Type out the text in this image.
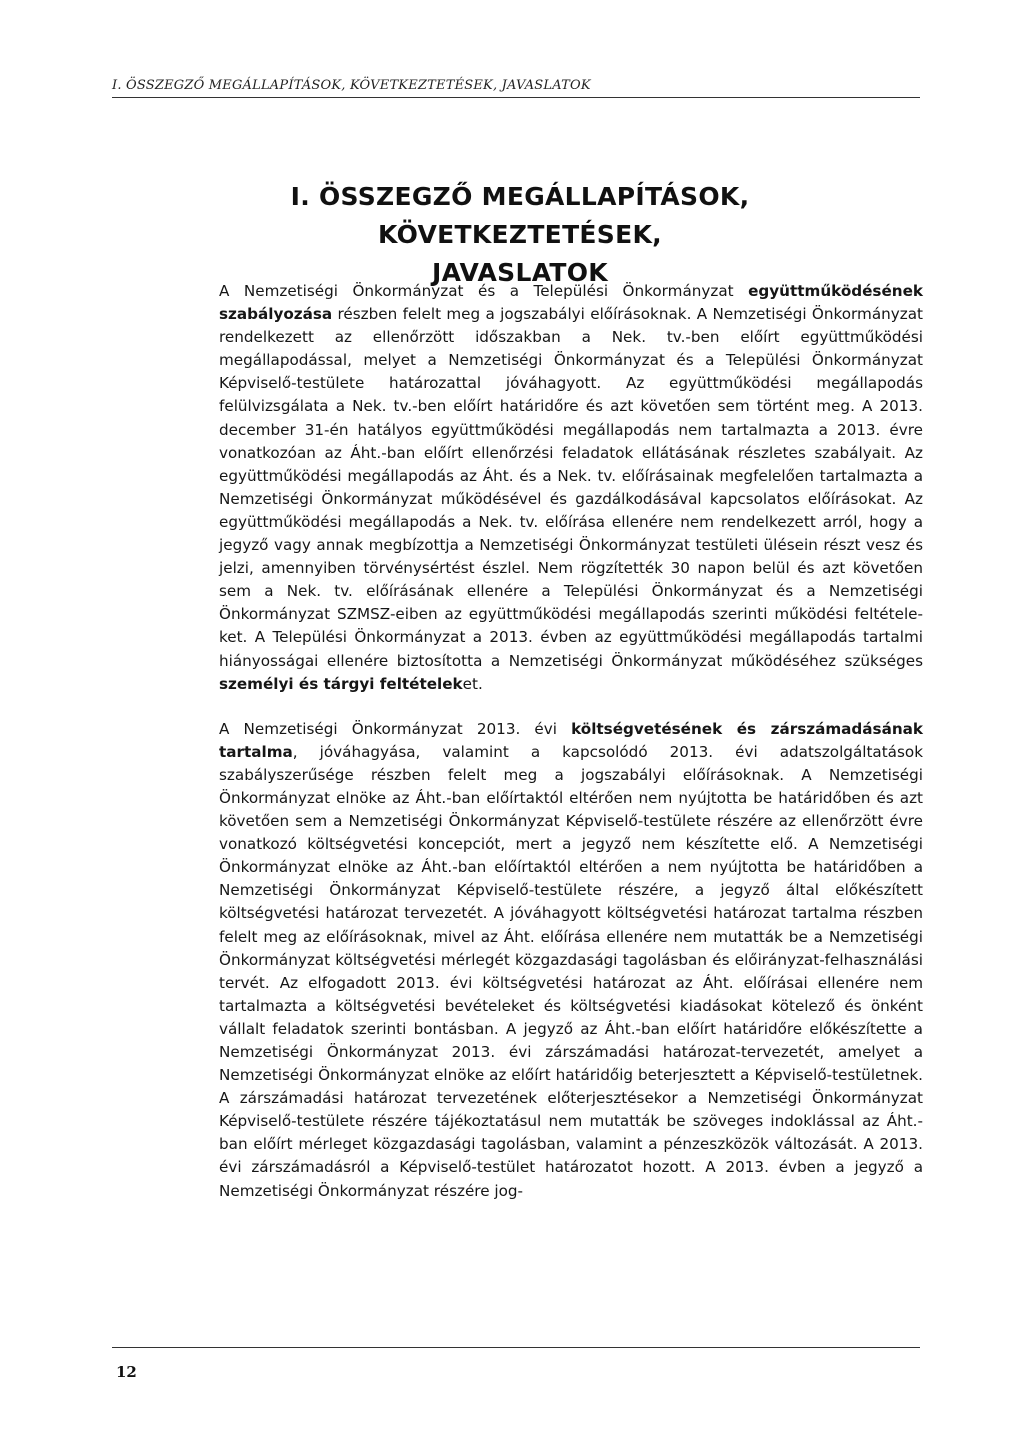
I. ÖSSZEGZŐ MEGÁLLAPÍTÁSOK, KÖVETKEZTETÉSEK, JAVASLATOK
I. ÖSSZEGZŐ MEGÁLLAPÍTÁSOK, KÖVETKEZTETÉSEK,
JAVASLATOK

A Nemzetiségi Önkormányzat és a Települési Önkormányzat együttműködésének szabályozása részben felelt meg a jogszabályi előírásoknak. A Nemzetiségi Önkormányzat rendelkezett az ellenőrzött időszakban a Nek. tv.-ben előírt együttműködési megállapodással, melyet a Nemzetiségi Önkormányzat és a Települési Önkormányzat Képviselő-testülete határozattal jóváhagyott. Az együttműködési megállapodás felülvizsgálata a Nek. tv.-ben előírt határidőre és azt követően sem történt meg. A 2013. december 31-én hatályos együttműködési megállapodás nem tartalmazta a 2013. évre vonatkozóan az Áht.-ban előírt ellenőrzési feladatok ellátásának részletes szabályait. Az együttműködési megállapodás az Áht. és a Nek. tv. előírásainak megfelelően tartalmazta a Nemzetiségi Önkormányzat működésével és gazdálkodásával kapcsolatos előírásokat. Az együttműködési megállapodás a Nek. tv. előírása ellenére nem rendelkezett arról, hogy a jegyző vagy annak megbízottja a Nemzetiségi Önkormányzat testületi ülésein részt vesz és jelzi, amennyiben törvénysértést észlel. Nem rögzítették 30 napon belül és azt követően sem a Nek. tv. előírásának ellenére a Települési Önkormányzat és a Nemzetiségi Önkormányzat SZMSZ-eiben az együttműködési megállapodás szerinti működési feltételeket. A Települési Önkormányzat a 2013. évben az együttműködési megállapodás tartalmi hiányosságai ellenére biztosította a Nemzetiségi Önkormányzat működéséhez szükséges személyi és tárgyi feltételeket.

A Nemzetiségi Önkormányzat 2013. évi költségvetésének és zárszámadásának tartalma, jóváhagyása, valamint a kapcsolódó 2013. évi adatszolgáltatások szabályszerűsége részben felelt meg a jogszabályi előírásoknak. A Nemzetiségi Önkormányzat elnöke az Áht.-ban előírtaktól eltérően nem nyújtotta be határidőben és azt követően sem a Nemzetiségi Önkormányzat Képviselő-testülete részére az ellenőrzött évre vonatkozó költségvetési koncepciót, mert a jegyző nem készítette elő. A Nemzetiségi Önkormányzat elnöke az Áht.-ban előírtaktól eltérően a nem nyújtotta be határidőben a Nemzetiségi Önkormányzat Képviselő-testülete részére, a jegyző által előkészített költségvetési határozat tervezetét. A jóváhagyott költségvetési határozat tartalma részben felelt meg az előírásoknak, mivel az Áht. előírása ellenére nem mutatták be a Nemzetiségi Önkormányzat költségvetési mérlegét közgazdasági tagolásban és előirányzat-felhasználási tervét. Az elfogadott 2013. évi költségvetési határozat az Áht. előírásai ellenére nem tartalmazta a költségvetési bevételeket és költségvetési kiadásokat kötelező és önként vállalt feladatok szerinti bontásban. A jegyző az Áht.-ban előírt határidőre előkészítette a Nemzetiségi Önkormányzat 2013. évi zárszámadási határozat-tervezetét, amelyet a Nemzetiségi Önkormányzat elnöke az előírt határidőig beterjesztett a Képviselő-testületnek. A zárszámadási határozat tervezetének előterjesztésekor a Nemzetiségi Önkormányzat Képviselő-testülete részére tájékoztatásul nem mutatták be szöveges indoklással az Áht.-ban előírt mérleget közgazdasági tagolásban, valamint a pénzeszközök változását. A 2013. évi zárszámadásról a Képviselő-testület határozatot hozott. A 2013. évben a jegyző a Nemzetiségi Önkormányzat részére jog-

12
